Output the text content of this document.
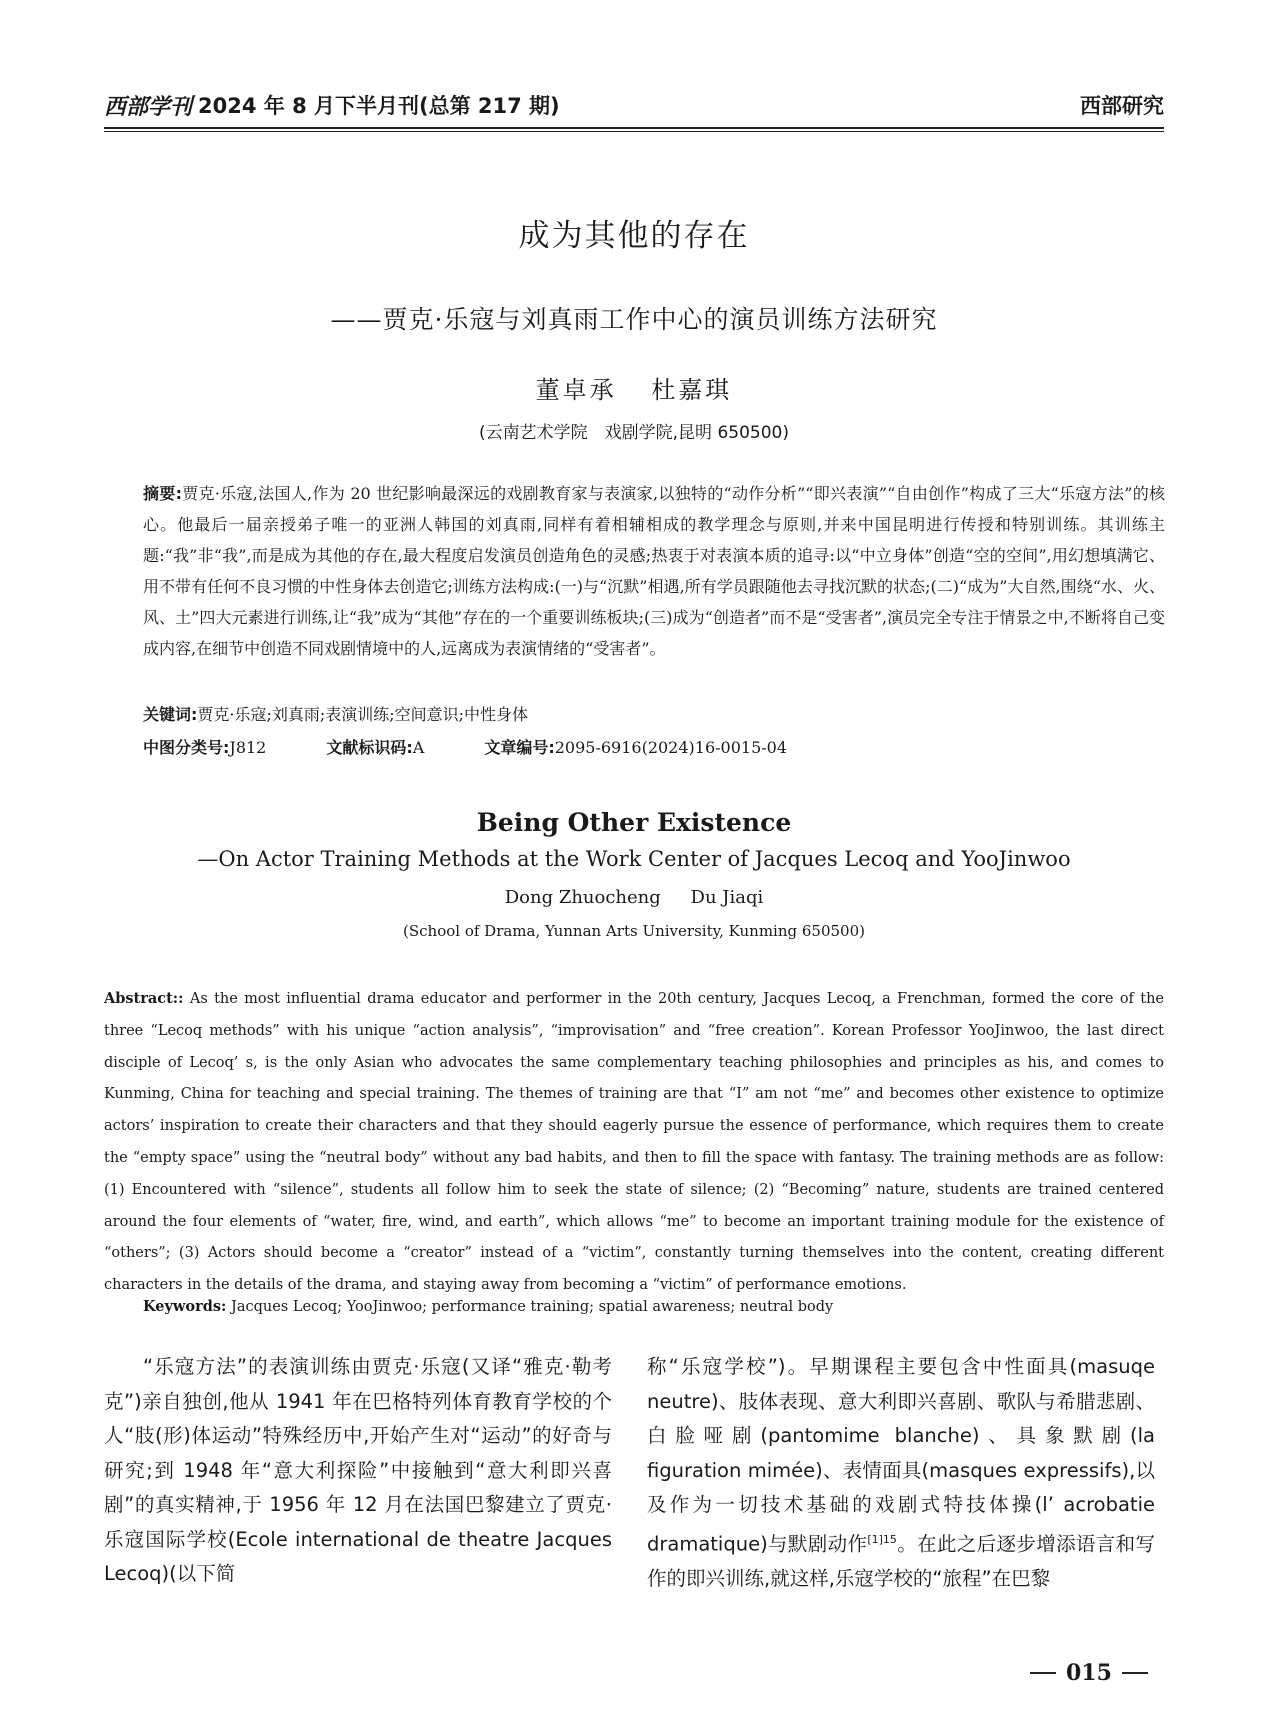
西部学刊 2024 年 8 月下半月刊(总第 217 期)	西部研究
成为其他的存在
——贾克·乐寇与刘真雨工作中心的演员训练方法研究
董卓承 杜嘉琪
(云南艺术学院　戏剧学院,昆明 650500)
摘要:贾克·乐寇,法国人,作为 20 世纪影响最深远的戏剧教育家与表演家,以独特的“动作分析”“即兴表演”“自由创作”构成了三大“乐寇方法”的核心。他最后一届亲授弟子唯一的亚洲人韩国的刘真雨,同样有着相辅相成的教学理念与原则,并来中国昆明进行传授和特别训练。其训练主题:“我”非“我”,而是成为其他的存在,最大程度启发演员创造角色的灵感;热衷于对表演本质的追寻:以“中立身体”创造“空的空间”,用幻想填满它、用不带有任何不良习惯的中性身体去创造它;训练方法构成:(一)与“沉默”相遇,所有学员跟随他去寻找沉默的状态;(二)“成为”大自然,围绕“水、火、风、土”四大元素进行训练,让“我”成为“其他”存在的一个重要训练板块;(三)成为“创造者”而不是“受害者”,演员完全专注于情景之中,不断将自己变成内容,在细节中创造不同戏剧情境中的人,远离成为表演情绪的“受害者”。
关键词:贾克·乐寇;刘真雨;表演训练;空间意识;中性身体
中图分类号:J812	文献标识码:A	文章编号:2095-6916(2024)16-0015-04
Being Other Existence
—On Actor Training Methods at the Work Center of Jacques Lecoq and YooJinwoo
Dong Zhuocheng Du Jiaqi
(School of Drama, Yunnan Arts University, Kunming 650500)
Abstract:: As the most influential drama educator and performer in the 20th century, Jacques Lecoq, a Frenchman, formed the core of the three “Lecoq methods” with his unique “action analysis”, “improvisation” and “free creation”. Korean Professor YooJinwoo, the last direct disciple of Lecoq’ s, is the only Asian who advocates the same complementary teaching philosophies and principles as his, and comes to Kunming, China for teaching and special training. The themes of training are that “I” am not “me” and becomes other existence to optimize actors’ inspiration to create their characters and that they should eagerly pursue the essence of performance, which requires them to create the “empty space” using the “neutral body” without any bad habits, and then to fill the space with fantasy. The training methods are as follow: (1) Encountered with “silence”, students all follow him to seek the state of silence; (2) “Becoming” nature, students are trained centered around the four elements of “water, fire, wind, and earth”, which allows “me” to become an important training module for the existence of “others”; (3) Actors should become a “creator” instead of a “victim”, constantly turning themselves into the content, creating different characters in the details of the drama, and staying away from becoming a “victim” of performance emotions.
Keywords: Jacques Lecoq; YooJinwoo; performance training; spatial awareness; neutral body
“乐寇方法”的表演训练由贾克·乐寇(又译“雅克·勒考克”)亲自独创,他从 1941 年在巴格特列体育教育学校的个人“肢(形)体运动”特殊经历中,开始产生对“运动”的好奇与研究;到 1948 年“意大利探险”中接触到“意大利即兴喜剧”的真实精神,于 1956 年 12 月在法国巴黎建立了贾克·乐寇国际学校(Ecole international de theatre Jacques Lecoq)(以下简
称“乐寇学校”)。早期课程主要包含中性面具(masuqe neutre)、肢体表现、意大利即兴喜剧、歌队与希腊悲剧、白脸哑剧(pantomime blanche)、具象默剧(la figuration mimée)、表情面具(masques expressifs),以及作为一切技术基础的戏剧式特技体操(l’ acrobatie dramatique)与默剧动作$^{[1]15}$。在此之后逐步增添语言和写作的即兴训练,就这样,乐寇学校的“旅程”在巴黎
015
